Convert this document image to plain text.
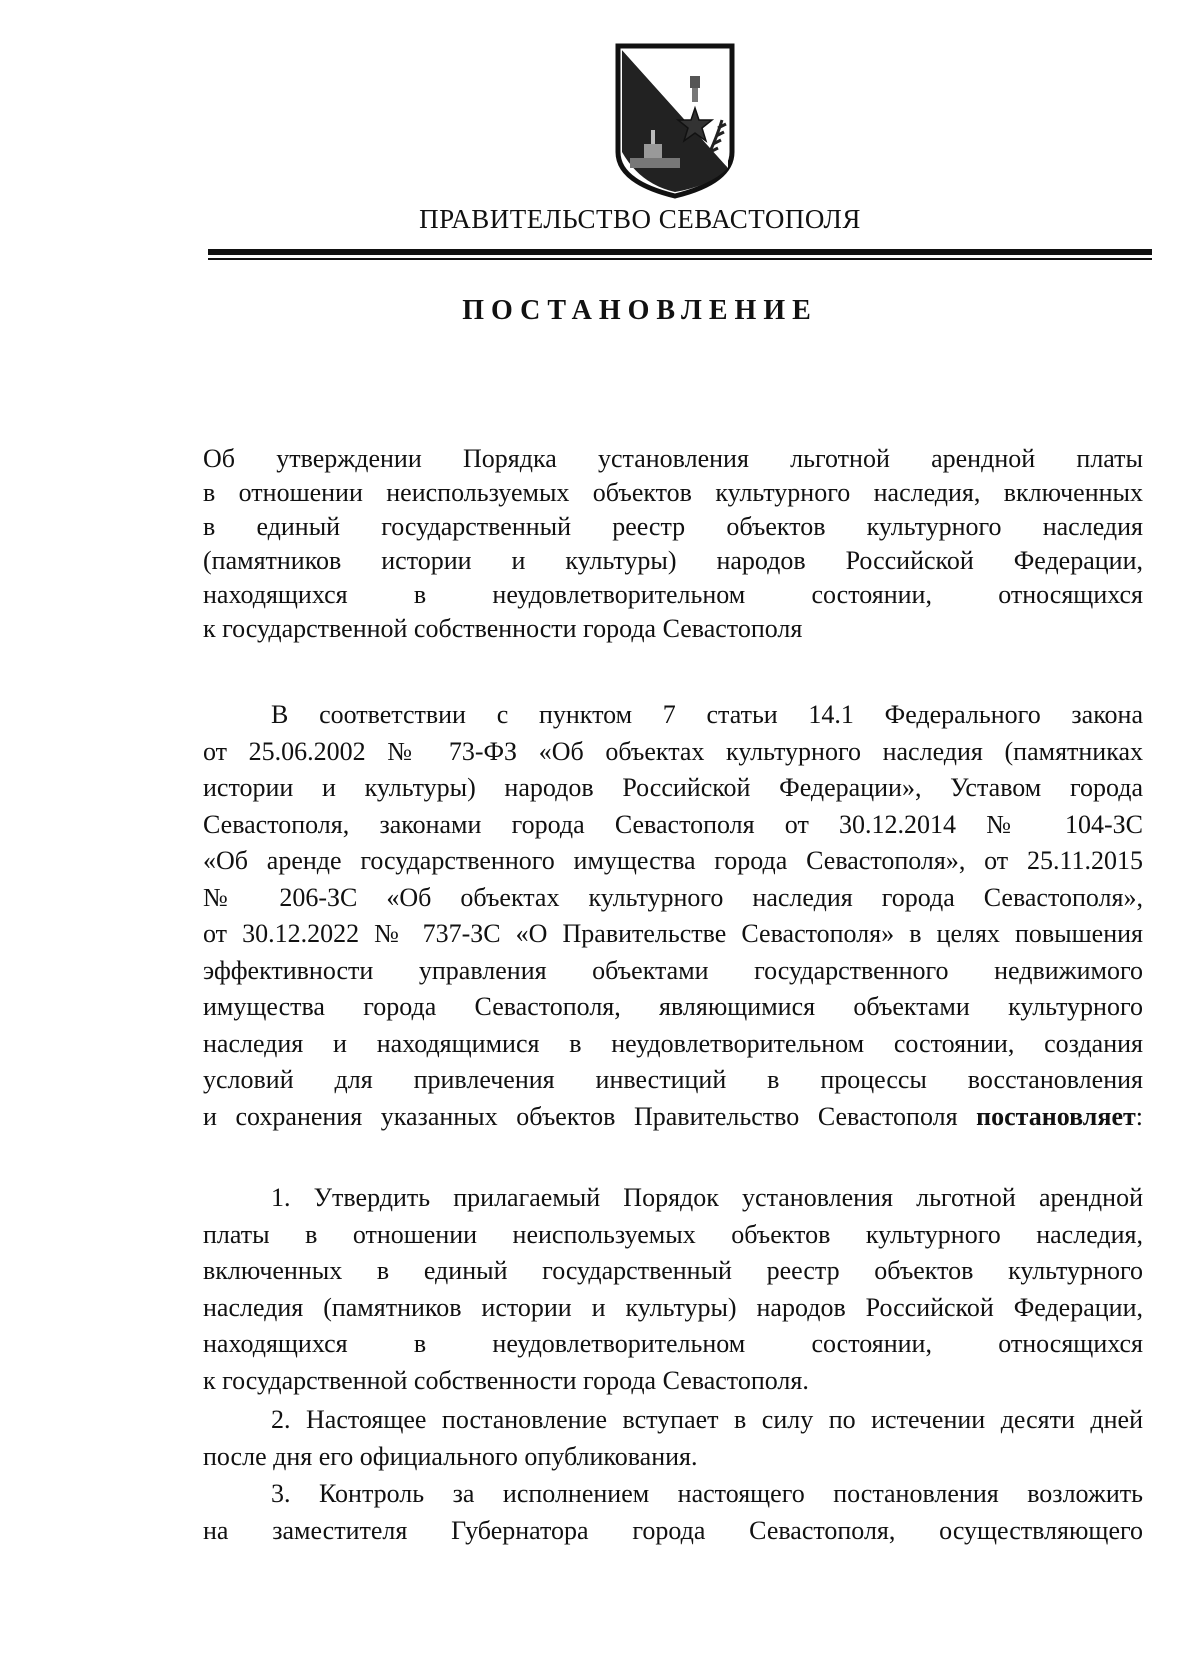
ПРАВИТЕЛЬСТВО СЕВАСТОПОЛЯ
ПОСТАНОВЛЕНИЕ
Об утверждении Порядка установления льготной арендной платы
в отношении неиспользуемых объектов культурного наследия, включенных
в единый государственный реестр объектов культурного наследия
(памятников истории и культуры) народов Российской Федерации,
находящихся в неудовлетворительном состоянии, относящихся
к государственной собственности города Севастополя
В соответствии с пунктом 7 статьи 14.1 Федерального закона
от 25.06.2002 № 73-ФЗ «Об объектах культурного наследия (памятниках
истории и культуры) народов Российской Федерации», Уставом города
Севастополя, законами города Севастополя от 30.12.2014 № 104-ЗС
«Об аренде государственного имущества города Севастополя», от 25.11.2015
№ 206-ЗС «Об объектах культурного наследия города Севастополя»,
от 30.12.2022 № 737-ЗС «О Правительстве Севастополя» в целях повышения
эффективности управления объектами государственного недвижимого
имущества города Севастополя, являющимися объектами культурного
наследия и находящимися в неудовлетворительном состоянии, создания
условий для привлечения инвестиций в процессы восстановления
и сохранения указанных объектов Правительство Севастополя постановляет:
1. Утвердить прилагаемый Порядок установления льготной арендной
платы в отношении неиспользуемых объектов культурного наследия,
включенных в единый государственный реестр объектов культурного
наследия (памятников истории и культуры) народов Российской Федерации,
находящихся в неудовлетворительном состоянии, относящихся
к государственной собственности города Севастополя.
2. Настоящее постановление вступает в силу по истечении десяти дней
после дня его официального опубликования.
3. Контроль за исполнением настоящего постановления возложить
на заместителя Губернатора города Севастополя, осуществляющего
